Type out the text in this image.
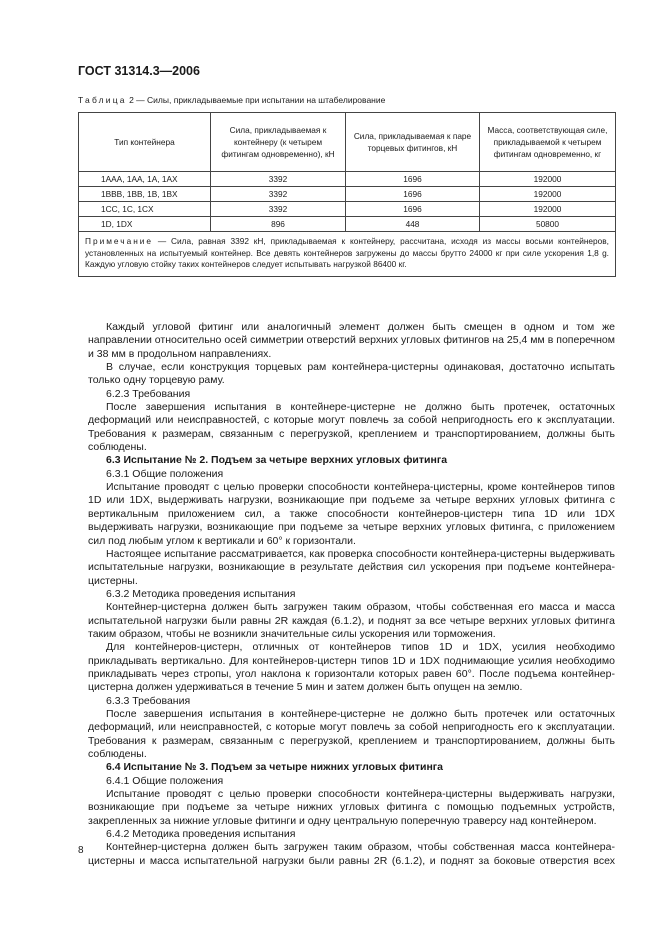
ГОСТ 31314.3—2006
Таблица 2 — Силы, прикладываемые при испытании на штабелирование
Тип контейнера	Сила, прикладываемая к контейнеру (к четырем фитингам одновременно), кН	Сила, прикладываемая к паре торцевых фитингов, кН	Масса, соответствующая силе, прикладываемой к четырем фитингам одновременно, кг
1AAA, 1AA, 1A, 1AX	3392	1696	192000
1BBB, 1BB, 1B, 1BX	3392	1696	192000
1CC, 1C, 1CX	3392	1696	192000
1D, 1DX	896	448	50800
Примечание — Сила, равная 3392 кН, прикладываемая к контейнеру, рассчитана, исходя из массы восьми контейнеров, установленных на испытуемый контейнер. Все девять контейнеров загружены до массы брутто 24000 кг при силе ускорения 1,8 g. Каждую угловую стойку таких контейнеров следует испытывать нагрузкой 86400 кг.			

Каждый угловой фитинг или аналогичный элемент должен быть смещен в одном и том же направлении относительно осей симметрии отверстий верхних угловых фитингов на 25,4 мм в поперечном и 38 мм в продольном направлениях.

В случае, если конструкция торцевых рам контейнера-цистерны одинаковая, достаточно испытать только одну торцевую раму.

6.2.3 Требования

После завершения испытания в контейнере-цистерне не должно быть протечек, остаточных деформаций или неисправностей, с которые могут повлечь за собой непригодность его к эксплуатации. Требования к размерам, связанным с перегрузкой, креплением и транспортированием, должны быть соблюдены.

6.3 Испытание № 2. Подъем за четыре верхних угловых фитинга

6.3.1 Общие положения

Испытание проводят с целью проверки способности контейнера-цистерны, кроме контейнеров типов 1D или 1DX, выдерживать нагрузки, возникающие при подъеме за четыре верхних угловых фитинга с вертикальным приложением сил, а также способности контейнеров-цистерн типа 1D или 1DX выдерживать нагрузки, возникающие при подъеме за четыре верхних угловых фитинга, с приложением сил под любым углом к вертикали и 60° к горизонтали.

Настоящее испытание рассматривается, как проверка способности контейнера-цистерны выдерживать испытательные нагрузки, возникающие в результате действия сил ускорения при подъеме контейнера-цистерны.

6.3.2 Методика проведения испытания

Контейнер-цистерна должен быть загружен таким образом, чтобы собственная его масса и масса испытательной нагрузки были равны 2R каждая (6.1.2), и поднят за все четыре верхних угловых фитинга таким образом, чтобы не возникли значительные силы ускорения или торможения.

Для контейнеров-цистерн, отличных от контейнеров типов 1D и 1DX, усилия необходимо прикладывать вертикально. Для контейнеров-цистерн типов 1D и 1DX поднимающие усилия необходимо прикладывать через стропы, угол наклона к горизонтали которых равен 60°. После подъема контейнер-цистерна должен удерживаться в течение 5 мин и затем должен быть опущен на землю.

6.3.3 Требования

После завершения испытания в контейнере-цистерне не должно быть протечек или остаточных деформаций, или неисправностей, с которые могут повлечь за собой непригодность его к эксплуатации. Требования к размерам, связанным с перегрузкой, креплением и транспортированием, должны быть соблюдены.

6.4 Испытание № 3. Подъем за четыре нижних угловых фитинга

6.4.1 Общие положения

Испытание проводят с целью проверки способности контейнера-цистерны выдерживать нагрузки, возникающие при подъеме за четыре нижних угловых фитинга с помощью подъемных устройств, закрепленных за нижние угловые фитинги и одну центральную поперечную траверсу над контейнером.

6.4.2 Методика проведения испытания

Контейнер-цистерна должен быть загружен таким образом, чтобы собственная масса контейнера-цистерны и масса испытательной нагрузки были равны 2R (6.1.2), и поднят за боковые отверстия всех

8
